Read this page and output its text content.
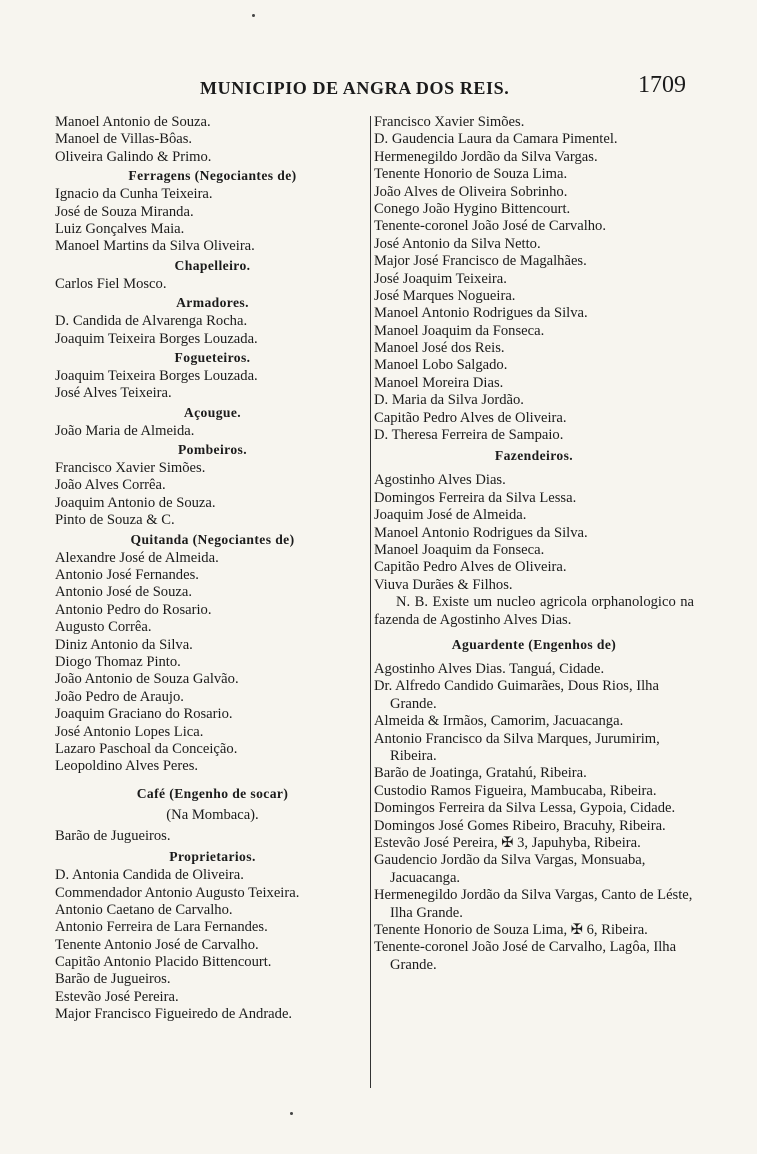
MUNICIPIO DE ANGRA DOS REIS.	1709
Manoel Antonio de Souza.
Manoel de Villas-Bôas.
Oliveira Galindo & Primo.
Ferragens (Negociantes de)
Ignacio da Cunha Teixeira.
José de Souza Miranda.
Luiz Gonçalves Maia.
Manoel Martins da Silva Oliveira.
Chapelleiro.
Carlos Fiel Mosco.
Armadores.
D. Candida de Alvarenga Rocha.
Joaquim Teixeira Borges Louzada.
Fogueteiros.
Joaquim Teixeira Borges Louzada.
José Alves Teixeira.
Açougue.
João Maria de Almeida.
Pombeiros.
Francisco Xavier Simões.
João Alves Corrêa.
Joaquim Antonio de Souza.
Pinto de Souza & C.
Quitanda (Negociantes de)
Alexandre José de Almeida.
Antonio José Fernandes.
Antonio José de Souza.
Antonio Pedro do Rosario.
Augusto Corrêa.
Diniz Antonio da Silva.
Diogo Thomaz Pinto.
João Antonio de Souza Galvão.
João Pedro de Araujo.
Joaquim Graciano do Rosario.
José Antonio Lopes Lica.
Lazaro Paschoal da Conceição.
Leopoldino Alves Peres.
Café (Engenho de socar)
(Na Mombaca).
Barão de Jugueiros.
Proprietarios.
D. Antonia Candida de Oliveira.
Commendador Antonio Augusto Teixeira.
Antonio Caetano de Carvalho.
Antonio Ferreira de Lara Fernandes.
Tenente Antonio José de Carvalho.
Capitão Antonio Placido Bittencourt.
Barão de Jugueiros.
Estevão José Pereira.
Major Francisco Figueiredo de Andrade.
Francisco Xavier Simões.
D. Gaudencia Laura da Camara Pimentel.
Hermenegildo Jordão da Silva Vargas.
Tenente Honorio de Souza Lima.
João Alves de Oliveira Sobrinho.
Conego João Hygino Bittencourt.
Tenente-coronel João José de Carvalho.
José Antonio da Silva Netto.
Major José Francisco de Magalhães.
José Joaquim Teixeira.
José Marques Nogueira.
Manoel Antonio Rodrigues da Silva.
Manoel Joaquim da Fonseca.
Manoel José dos Reis.
Manoel Lobo Salgado.
Manoel Moreira Dias.
D. Maria da Silva Jordão.
Capitão Pedro Alves de Oliveira.
D. Theresa Ferreira de Sampaio.
Fazendeiros.
Agostinho Alves Dias.
Domingos Ferreira da Silva Lessa.
Joaquim José de Almeida.
Manoel Antonio Rodrigues da Silva.
Manoel Joaquim da Fonseca.
Capitão Pedro Alves de Oliveira.
Viuva Durães & Filhos.
N. B. Existe um nucleo agricola orphanologico na fazenda de Agostinho Alves Dias.
Aguardente (Engenhos de)
Agostinho Alves Dias. Tanguá, Cidade.
Dr. Alfredo Candido Guimarães, Dous Rios, Ilha Grande.
Almeida & Irmãos, Camorim, Jacuacanga.
Antonio Francisco da Silva Marques, Jurumirim, Ribeira.
Barão de Joatinga, Gratahú, Ribeira.
Custodio Ramos Figueira, Mambucaba, Ribeira.
Domingos Ferreira da Silva Lessa, Gypoia, Cidade.
Domingos José Gomes Ribeiro, Bracuhy, Ribeira.
Estevão José Pereira, ✠ 3, Japuhyba, Ribeira.
Gaudencio Jordão da Silva Vargas, Monsuaba, Jacuacanga.
Hermenegildo Jordão da Silva Vargas, Canto de Léste, Ilha Grande.
Tenente Honorio de Souza Lima, ✠ 6, Ribeira.
Tenente-coronel João José de Carvalho, Lagôa, Ilha Grande.
